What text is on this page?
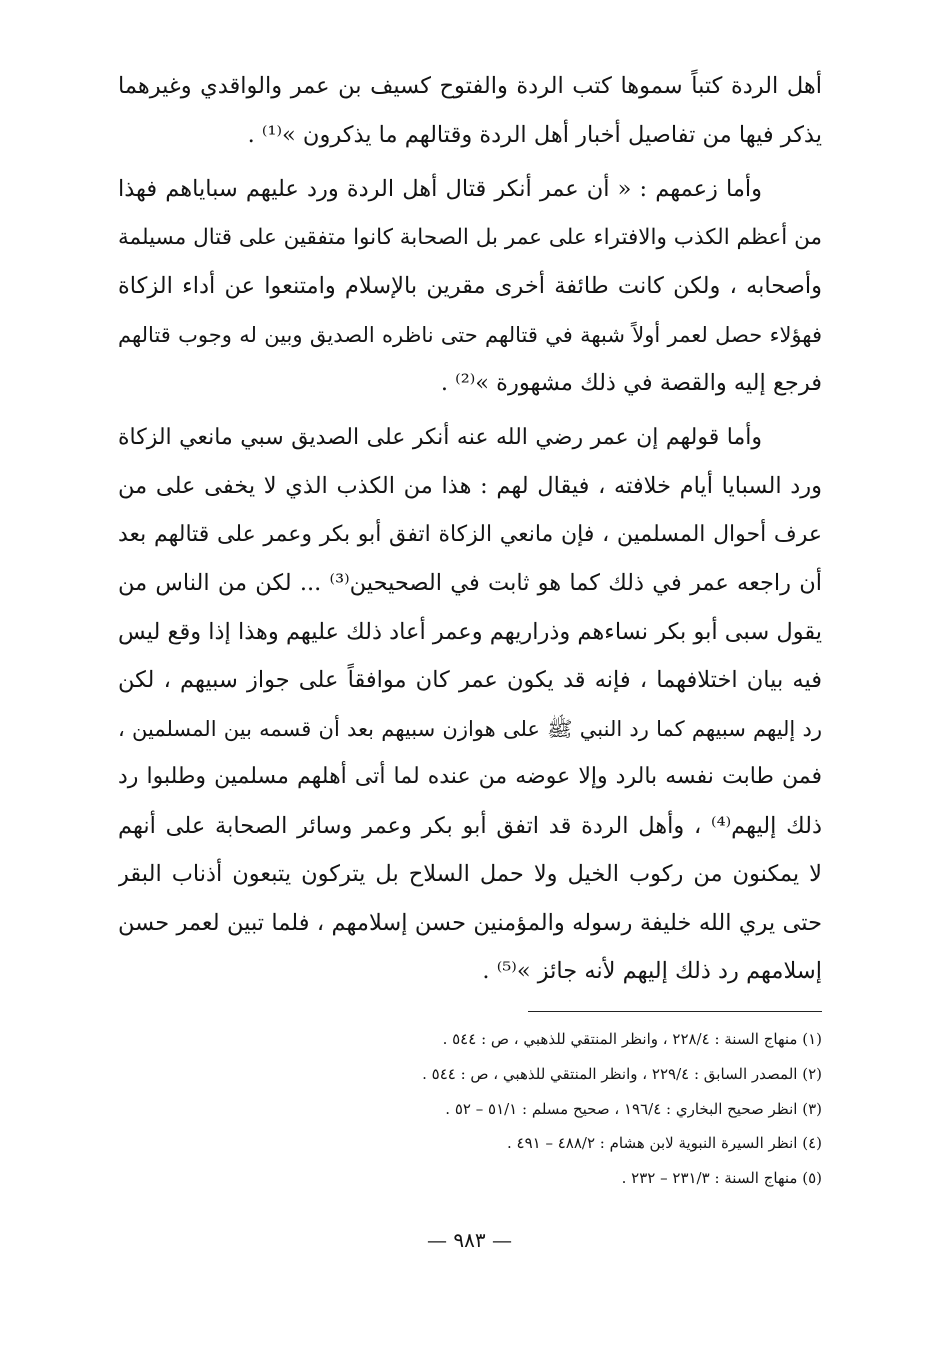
أهل الردة كتباً سموها كتب الردة والفتوح كسيف بن عمر والواقدي وغيرهما
يذكر فيها من تفاصيل أخبار أهل الردة وقتالهم ما يذكرون »⁽¹⁾ .
وأما زعمهم : « أن عمر أنكر قتال أهل الردة ورد عليهم سباياهم فهذا
من أعظم الكذب والافتراء على عمر بل الصحابة كانوا متفقين على قتال مسيلمة
وأصحابه ، ولكن كانت طائفة أخرى مقرين بالإسلام وامتنعوا عن أداء الزكاة
فهؤلاء حصل لعمر أولاً شبهة في قتالهم حتى ناظره الصديق وبين له وجوب قتالهم
فرجع إليه والقصة في ذلك مشهورة »⁽²⁾ .
وأما قولهم إن عمر رضي الله عنه أنكر على الصديق سبي مانعي الزكاة
ورد السبايا أيام خلافته ، فيقال لهم : هذا من الكذب الذي لا يخفى على من
عرف أحوال المسلمين ، فإن مانعي الزكاة اتفق أبو بكر وعمر على قتالهم بعد
أن راجعه عمر في ذلك كما هو ثابت في الصحيحين⁽³⁾ ... لكن من الناس من
يقول سبى أبو بكر نساءهم وذراريهم وعمر أعاد ذلك عليهم وهذا إذا وقع ليس
فيه بيان اختلافهما ، فإنه قد يكون عمر كان موافقاً على جواز سبيهم ، لكن
رد إليهم سبيهم كما رد النبي ﷺ على هوازن سبيهم بعد أن قسمه بين المسلمين ،
فمن طابت نفسه بالرد وإلا عوضه من عنده لما أتى أهلهم مسلمين وطلبوا رد
ذلك إليهم⁽⁴⁾ ، وأهل الردة قد اتفق أبو بكر وعمر وسائر الصحابة على أنهم
لا يمكنون من ركوب الخيل ولا حمل السلاح بل يتركون يتبعون أذناب البقر
حتى يري الله خليفة رسوله والمؤمنين حسن إسلامهم ، فلما تبين لعمر حسن
إسلامهم رد ذلك إليهم لأنه جائز »⁽⁵⁾ .
(١) منهاج السنة : ٢٢٨/٤ ، وانظر المنتقي للذهبي ، ص : ٥٤٤ .
(٢) المصدر السابق : ٢٢٩/٤ ، وانظر المنتقي للذهبي ، ص : ٥٤٤ .
(٣) انظر صحيح البخاري : ١٩٦/٤ ، صحيح مسلم : ٥١/١ – ٥٢ .
(٤) انظر السيرة النبوية لابن هشام : ٤٨٨/٢ – ٤٩١ .
(٥) منهاج السنة : ٢٣١/٣ – ٢٣٢ .
— ٩٨٣ —
